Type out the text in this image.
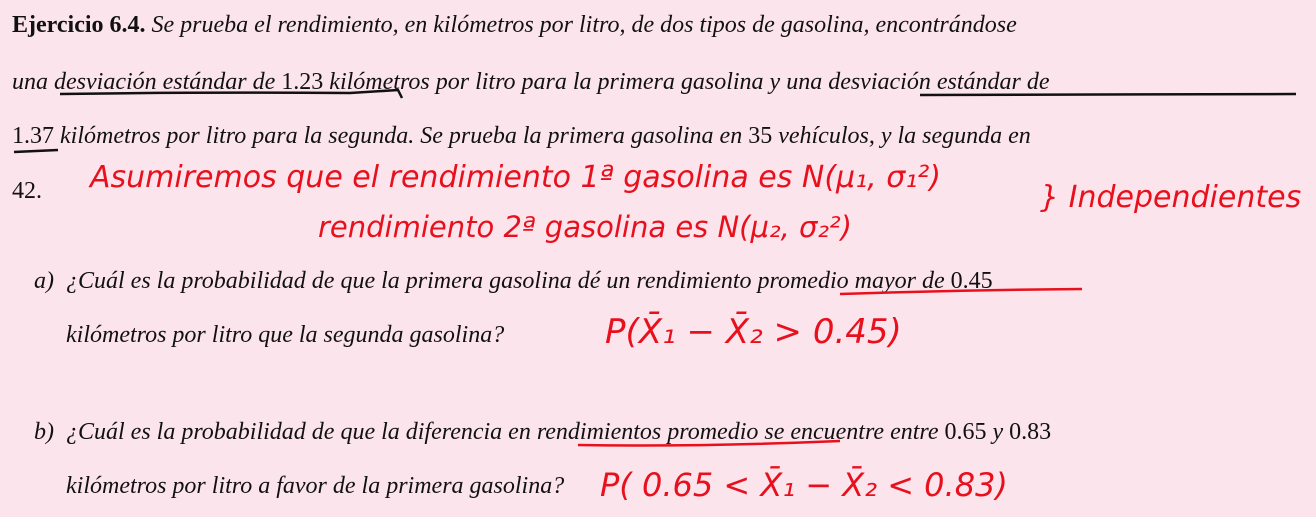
Ejercicio 6.4. Se prueba el rendimiento, en kilómetros por litro, de dos tipos de gasolina, encontrándose
una desviación estándar de 1.23 kilómetros por litro para la primera gasolina y una desviación estándar de
1.37 kilómetros por litro para la segunda. Se prueba la primera gasolina en 35 vehículos, y la segunda en
42.
a) ¿Cuál es la probabilidad de que la primera gasolina dé un rendimiento promedio mayor de 0.45
kilómetros por litro que la segunda gasolina?
b) ¿Cuál es la probabilidad de que la diferencia en rendimientos promedio se encuentre entre 0.65 y 0.83
kilómetros por litro a favor de la primera gasolina?
Asumiremos que el rendimiento 1ª gasolina es N(μ₁, σ₁²)
rendimiento 2ª gasolina es N(μ₂, σ₂²)
} Independientes
P(X̄₁ − X̄₂ > 0.45)
P( 0.65 < X̄₁ − X̄₂ < 0.83)
